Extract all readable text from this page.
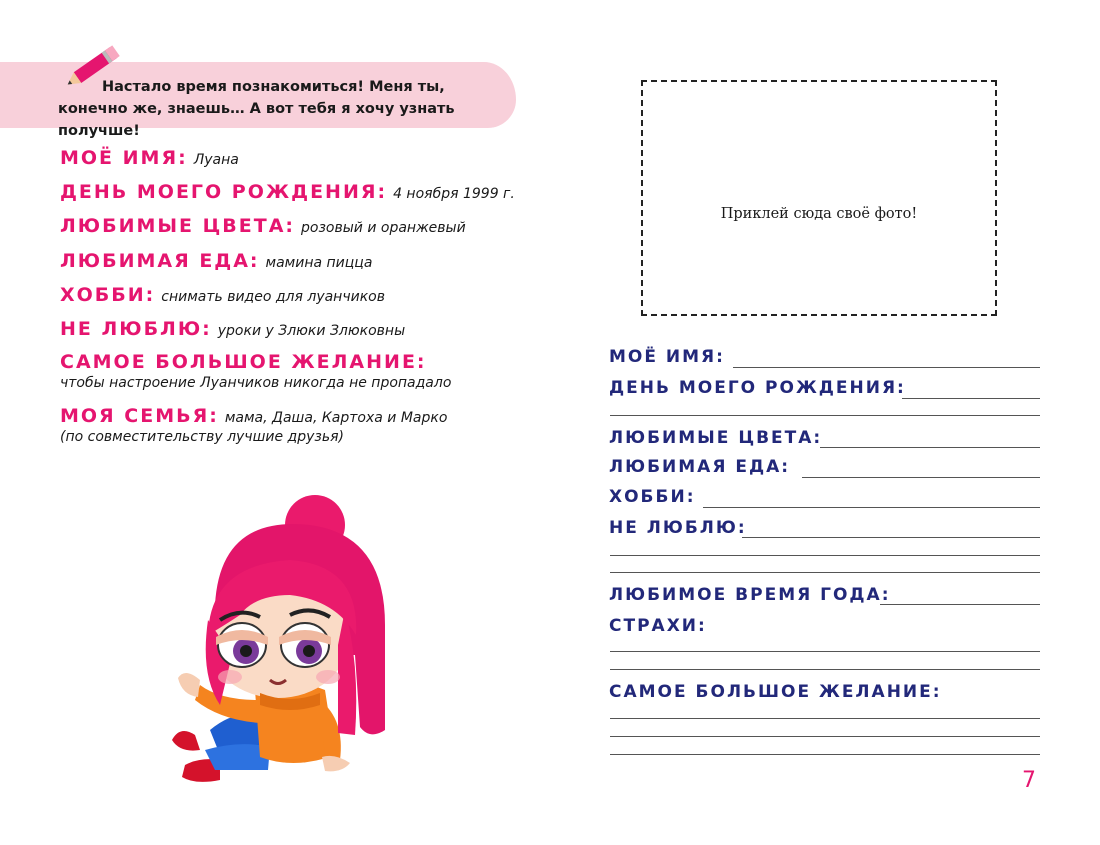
Настало время познакомиться! Меня ты, конечно же, знаешь… А вот тебя я хочу узнать получше!

МОЁ ИМЯ: Луана
ДЕНЬ МОЕГО РОЖДЕНИЯ: 4 ноября 1999 г.
ЛЮБИМЫЕ ЦВЕТА: розовый и оранжевый
ЛЮБИМАЯ ЕДА: мамина пицца
ХОББИ: снимать видео для луанчиков
НЕ ЛЮБЛЮ: уроки у Злюки Злюковны
САМОЕ БОЛЬШОЕ ЖЕЛАНИЕ:
чтобы настроение Луанчиков никогда не пропадало
МОЯ СЕМЬЯ: мама, Даша, Картоха и Марко
(по совместительству лучшие друзья)
Приклей сюда своё фото!
МОЁ ИМЯ:
ДЕНЬ МОЕГО РОЖДЕНИЯ:
ЛЮБИМЫЕ ЦВЕТА:
ЛЮБИМАЯ ЕДА:
ХОББИ:
НЕ ЛЮБЛЮ:
ЛЮБИМОЕ ВРЕМЯ ГОДА:
СТРАХИ:
САМОЕ БОЛЬШОЕ ЖЕЛАНИЕ:
7
